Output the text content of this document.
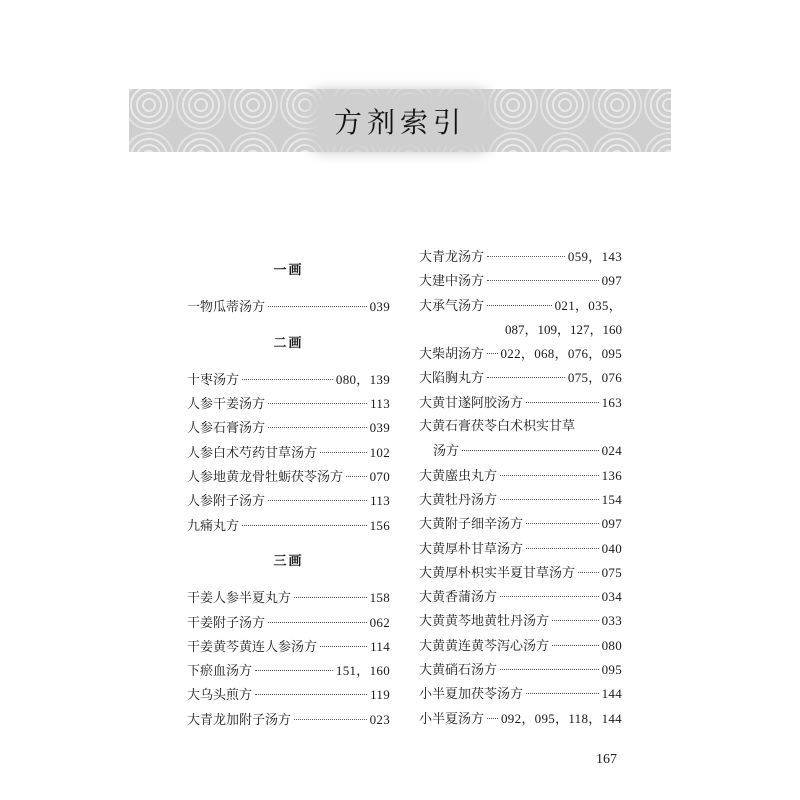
方剂索引
一画
一物瓜蒂汤方	039
二画
十枣汤方	080，139
人参干姜汤方	113
人参石膏汤方	039
人参白术芍药甘草汤方	102
人参地黄龙骨牡蛎茯苓汤方 070
人参附子汤方	113
九痛丸方	156
三画
干姜人参半夏丸方	158
干姜附子汤方	062
干姜黄芩黄连人参汤方	114
下瘀血汤方	151，160
大乌头煎方	119
大青龙加附子汤方	023
大青龙汤方	059，143
大建中汤方	097
大承气汤方	021，035，
087，109，127，160
大柴胡汤方 022，068，076，095
大陷胸丸方	075，076
大黄甘遂阿胶汤方	163
大黄石膏茯苓白术枳实甘草
汤方	024
大黄䗪虫丸方	136
大黄牡丹汤方	154
大黄附子细辛汤方	097
大黄厚朴甘草汤方	040
大黄厚朴枳实半夏甘草汤方 075
大黄香蒲汤方	034
大黄黄芩地黄牡丹汤方	033
大黄黄连黄芩泻心汤方	080
大黄硝石汤方	095
小半夏加茯苓汤方	144
小半夏汤方 092，095，118，144
167
